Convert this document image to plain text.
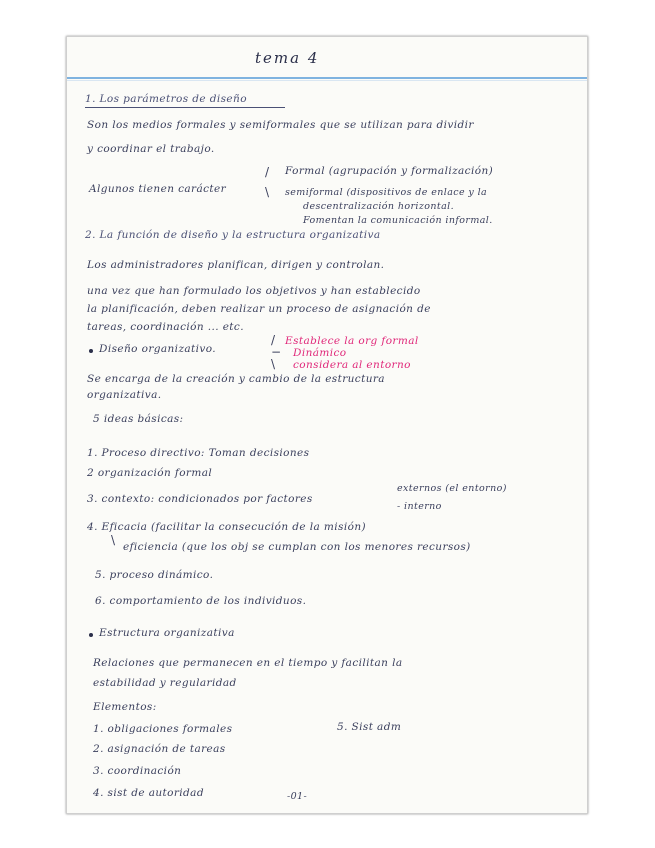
tema 4
1. Los parámetros de diseño
Son los medios formales y semiformales que se utilizan para dividir
y coordinar el trabajo.
Algunos tienen carácter
/
\
Formal (agrupación y formalización)
semiformal (dispositivos de enlace y la
descentralización horizontal.
Fomentan la comunicación informal.
2. La función de diseño y la estructura organizativa
Los administradores planifican, dirigen y controlan.
una vez que han formulado los objetivos y han establecido
la planificación, deben realizar un proceso de asignación de
tareas, coordinación ... etc.
Diseño organizativo.
/
−
\
Establece la org formal
Dinámico
considera al entorno
Se encarga de la creación y cambio de la estructura
organizativa.
5 ideas básicas:
1. Proceso directivo: Toman decisiones
2 organización formal
3. contexto: condicionados por factores
externos (el entorno)
- interno
4. Eficacia (facilitar la consecución de la misión)
\ eficiencia (que los obj se cumplan con los menores recursos)
5. proceso dinámico.
6. comportamiento de los individuos.
Estructura organizativa
Relaciones que permanecen en el tiempo y facilitan la
estabilidad y regularidad
Elementos:
1. obligaciones formales	5. Sist adm
2. asignación de tareas
3. coordinación
4. sist de autoridad	-01-
